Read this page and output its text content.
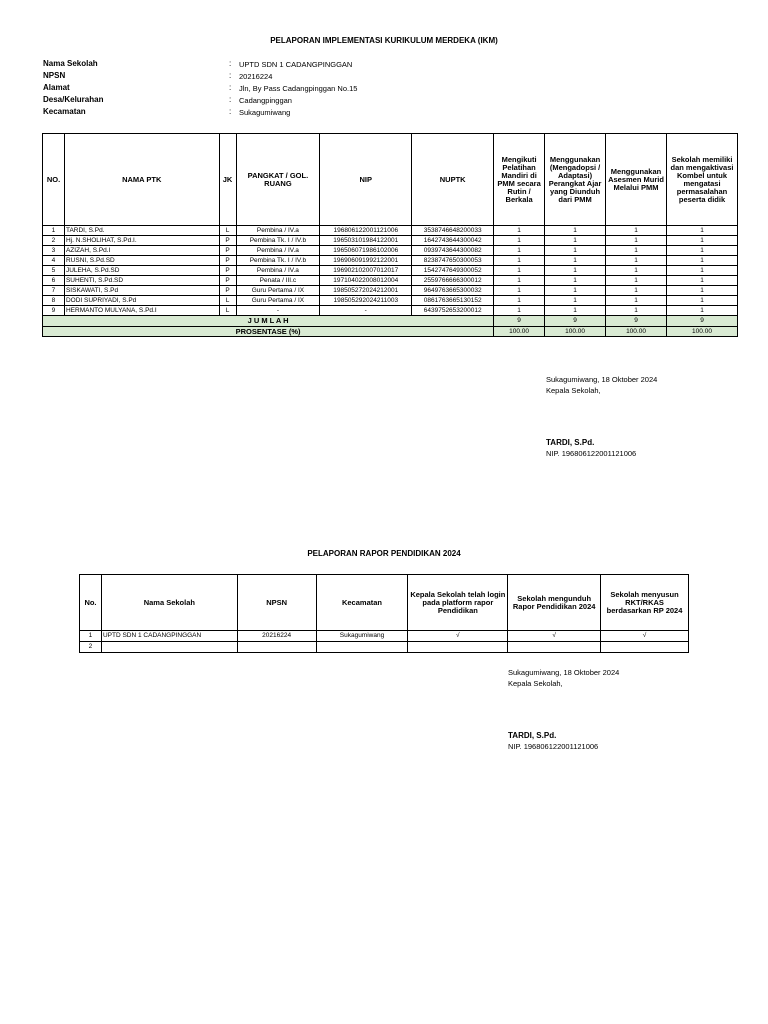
PELAPORAN IMPLEMENTASI KURIKULUM MERDEKA (IKM)
Nama Sekolah	: UPTD SDN 1 CADANGPINGGAN
NPSN	: 20216224
Alamat	: Jln, By Pass Cadangpinggan No.15
Desa/Kelurahan	: Cadangpinggan
Kecamatan	: Sukagumiwang
NO.	NAMA PTK	JK	PANGKAT / GOL. RUANG	NIP	NUPTK	Mengikuti Pelatihan Mandiri di PMM secara Rutin / Berkala	Menggunakan (Mengadopsi / Adaptasi) Perangkat Ajar yang Diunduh dari PMM	Menggunakan Asesmen Murid Melalui PMM	Sekolah memiliki dan mengaktivasi Kombel untuk mengatasi permasalahan peserta didik
1	TARDI, S.Pd.	L	Pembina / IV.a	196806122001121006	3538746648200033	1	1	1	1
2	Hj. N.SHOLIHAT, S.Pd.I.	P	Pembina Tk. I / IV.b	196503101984122001	1642743644300042	1	1	1	1
3	AZIZAH, S.Pd.I	P	Pembina / IV.a	196506071986102006	0939743644300082	1	1	1	1
4	RUSNI, S.Pd.SD	P	Pembina Tk. I / IV.b	196906091992122001	8238747650300053	1	1	1	1
5	JULEHA, S.Pd.SD	P	Pembina / IV.a	196902102007012017	1542747649300052	1	1	1	1
6	SUHENTI, S.Pd.SD	P	Penata / III.c	197104022008012004	2559766666300012	1	1	1	1
7	SISKAWATI, S.Pd	P	Guru Pertama / IX	198505272024212001	9649763665300032	1	1	1	1
8	DODI SUPRIYADI, S.Pd	L	Guru Pertama / IX	198505292024211003	0861763665130152	1	1	1	1
9	HERMANTO MULYANA, S.Pd.I	L	-	-	6439752653200012	1	1	1	1
J U M L A H						9	9	9	9
PROSENTASE (%)						100.00	100.00	100.00	100.00
Sukagumiwang, 18 Oktober 2024
Kepala Sekolah,
TARDI, S.Pd.
NIP. 196806122001121006
PELAPORAN RAPOR PENDIDIKAN 2024
No.	Nama Sekolah	NPSN	Kecamatan	Kepala Sekolah telah login pada platform rapor Pendidikan	Sekolah mengunduh Rapor Pendidikan 2024	Sekolah menyusun RKT/RKAS berdasarkan RP 2024
1	UPTD SDN 1 CADANGPINGGAN	20216224	Sukagumiwang	√	√	√
2						
Sukagumiwang, 18 Oktober 2024
Kepala Sekolah,
TARDI, S.Pd.
NIP. 196806122001121006
